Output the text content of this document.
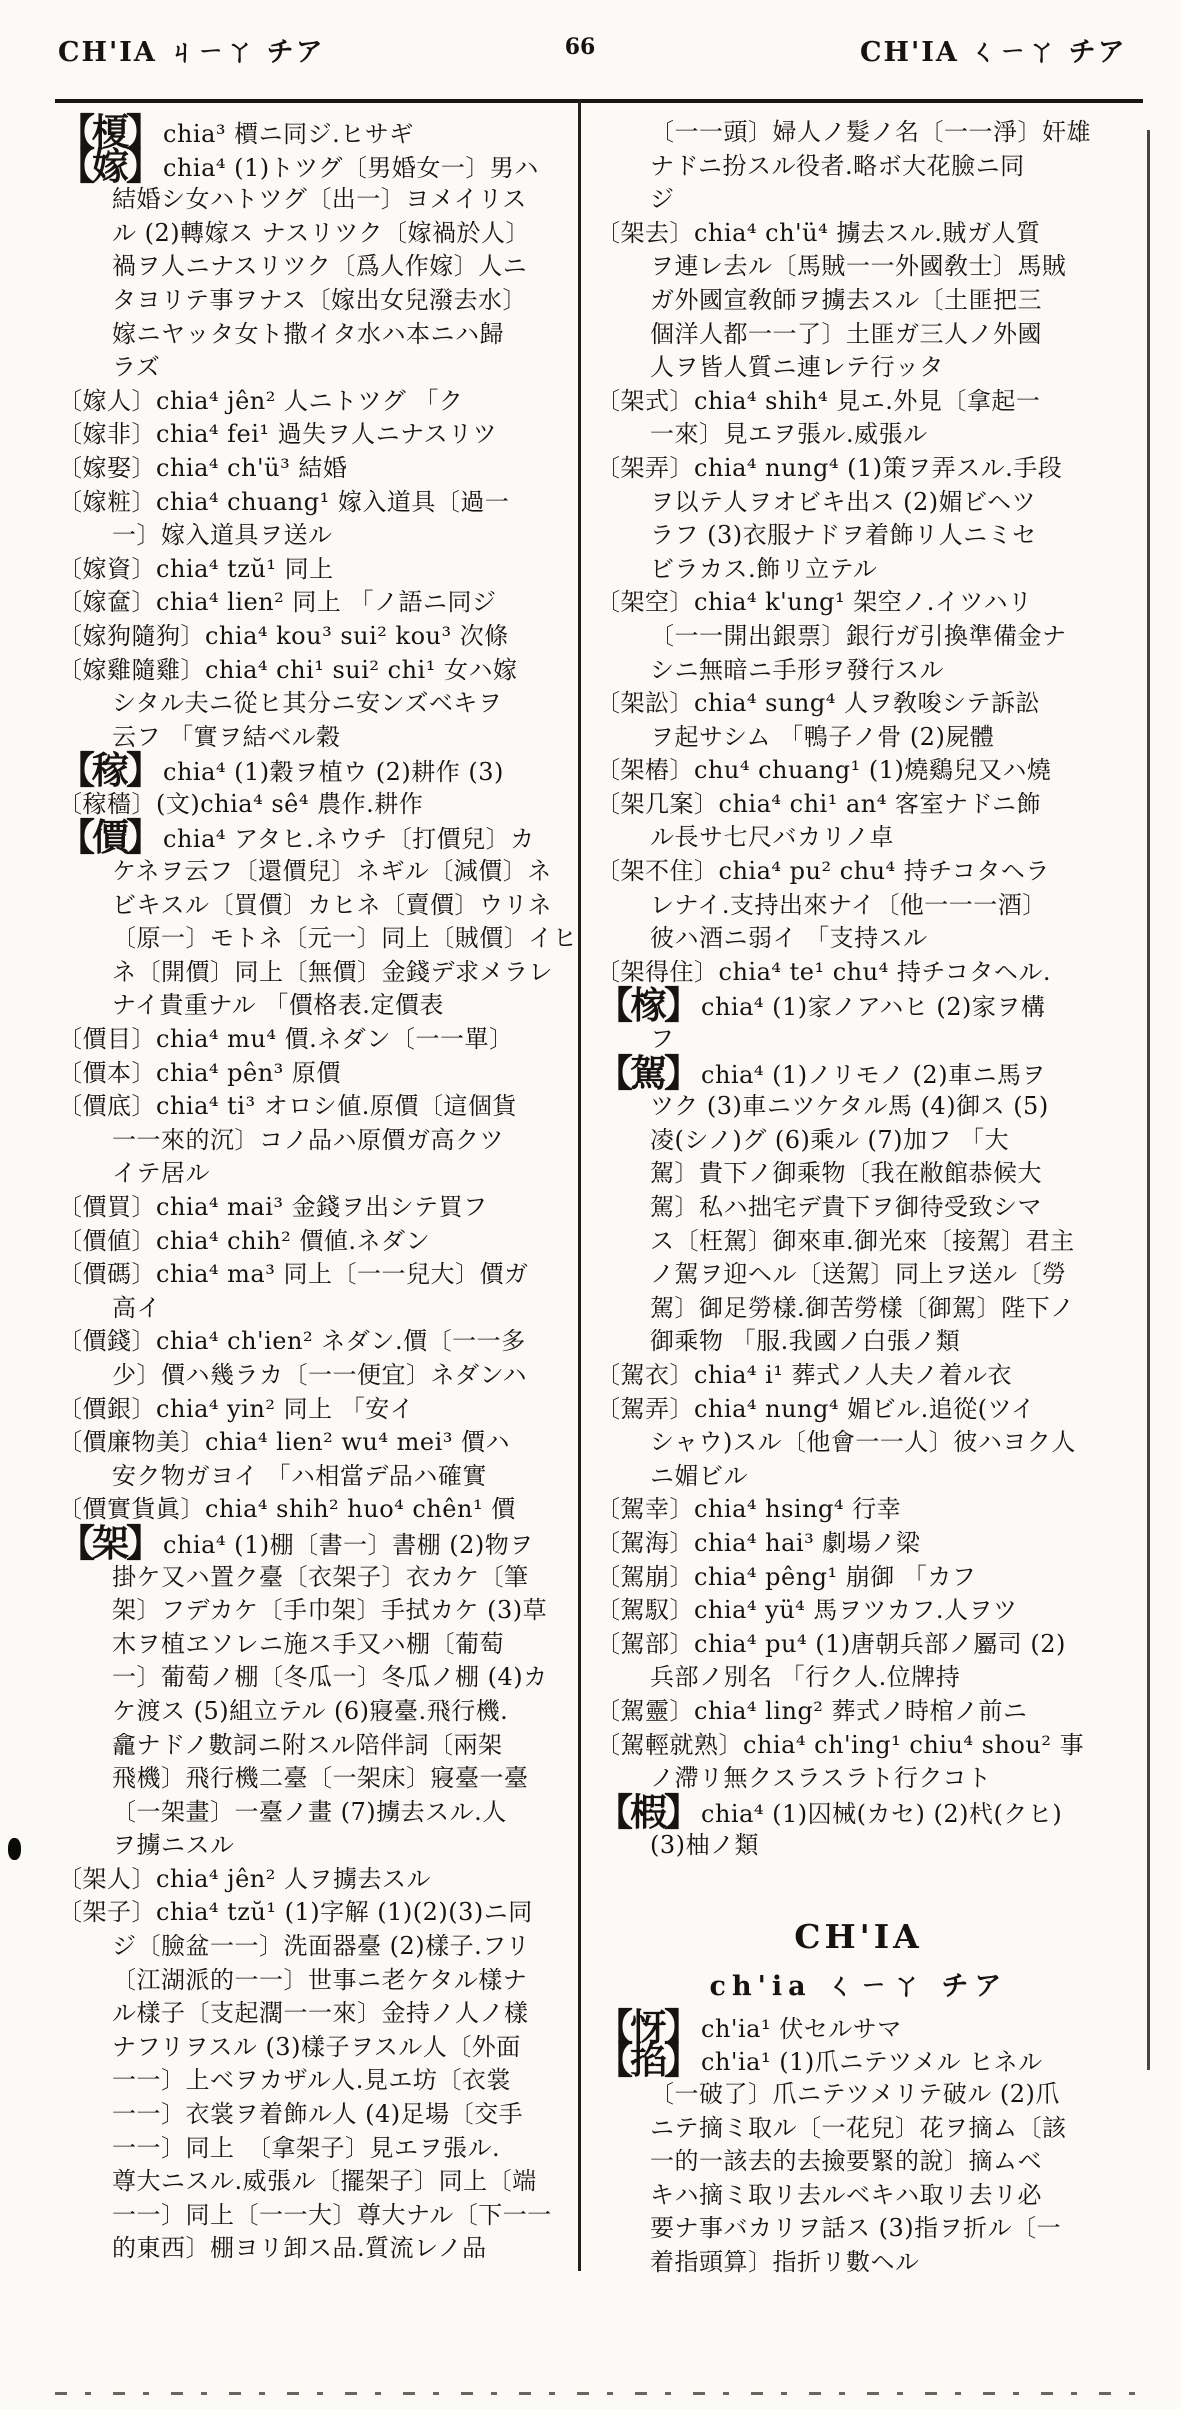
CH'IA ㄐㄧㄚ チア	66	CH'IA ㄑㄧㄚ チア
【榎】 chia³ 檟ニ同ジ.ヒサギ
【嫁】 chia⁴ (1)トツグ〔男婚女一〕男ハ
結婚シ女ハトツグ〔出一〕ヨメイリス
ル (2)轉嫁ス ナスリツク〔嫁禍於人〕
禍ヲ人ニナスリツク〔爲人作嫁〕人ニ
タヨリテ事ヲナス〔嫁出女兒潑去水〕
嫁ニヤッタ女ト撒イタ水ハ本ニハ歸
ラズ
〔嫁人〕chia⁴ jên² 人ニトツグ 「ク
〔嫁非〕chia⁴ fei¹ 過失ヲ人ニナスリツ
〔嫁娶〕chia⁴ ch'ü³ 結婚
〔嫁粧〕chia⁴ chuang¹ 嫁入道具〔過一
一〕嫁入道具ヲ送ル
〔嫁資〕chia⁴ tzŭ¹ 同上
〔嫁奩〕chia⁴ lien² 同上 「ノ語ニ同ジ
〔嫁狗隨狗〕chia⁴ kou³ sui² kou³ 次條
〔嫁雞隨雞〕chia⁴ chi¹ sui² chi¹ 女ハ嫁
シタル夫ニ從ヒ其分ニ安ンズベキヲ
云フ 「實ヲ結ベル穀
【稼】 chia⁴ (1)穀ヲ植ウ (2)耕作 (3)
〔稼穡〕(文)chia⁴ sê⁴ 農作.耕作
【價】 chia⁴ アタヒ.ネウチ〔打價兒〕カ
ケネヲ云フ〔還價兒〕ネギル〔減價〕ネ
ビキスル〔買價〕カヒネ〔賣價〕ウリネ
〔原一〕モトネ〔元一〕同上〔賊價〕イヒ
ネ〔開價〕同上〔無價〕金錢デ求メラレ
ナイ貴重ナル 「價格表.定價表
〔價目〕chia⁴ mu⁴ 價.ネダン〔一一單〕
〔價本〕chia⁴ pên³ 原價
〔價底〕chia⁴ ti³ オロシ値.原價〔這個貨
一一來的沉〕コノ品ハ原價ガ高クツ
イテ居ル
〔價買〕chia⁴ mai³ 金錢ヲ出シテ買フ
〔價値〕chia⁴ chih² 價値.ネダン
〔價碼〕chia⁴ ma³ 同上〔一一兒大〕價ガ
高イ
〔價錢〕chia⁴ ch'ien² ネダン.價〔一一多
少〕價ハ幾ラカ〔一一便宜〕ネダンハ
〔價銀〕chia⁴ yin² 同上 「安イ
〔價廉物美〕chia⁴ lien² wu⁴ mei³ 價ハ
安ク物ガヨイ 「ハ相當デ品ハ確實
〔價實貨眞〕chia⁴ shih² huo⁴ chên¹ 價
【架】 chia⁴ (1)棚〔書一〕書棚 (2)物ヲ
掛ケ又ハ置ク臺〔衣架子〕衣カケ〔筆
架〕フデカケ〔手巾架〕手拭カケ (3)草
木ヲ植ヱソレニ施ス手又ハ棚〔葡萄
一〕葡萄ノ棚〔冬瓜一〕冬瓜ノ棚 (4)カ
ケ渡ス (5)組立テル (6)寢臺.飛行機.
龕ナドノ數詞ニ附スル陪伴詞〔兩架
飛機〕飛行機二臺〔一架床〕寢臺一臺
〔一架畫〕一臺ノ畫 (7)擄去スル.人
ヲ擄ニスル
〔架人〕chia⁴ jên² 人ヲ擄去スル
〔架子〕chia⁴ tzŭ¹ (1)字解 (1)(2)(3)ニ同
ジ〔臉盆一一〕洗面器臺 (2)樣子.フリ
〔江湖派的一一〕世事ニ老ケタル樣ナ
ル樣子〔支起濶一一來〕金持ノ人ノ樣
ナフリヲスル (3)樣子ヲスル人〔外面
一一〕上ベヲカザル人.見エ坊〔衣裳
一一〕衣裳ヲ着飾ル人 (4)足場〔交手
一一〕同上　〔拿架子〕見エヲ張ル.
尊大ニスル.威張ル〔擺架子〕同上〔端
一一〕同上〔一一大〕尊大ナル〔下一一
的東西〕棚ヨリ卸ス品.質流レノ品
〔一一頭〕婦人ノ髮ノ名〔一一淨〕奸雄
ナドニ扮スル役者.略ボ大花臉ニ同
ジ
〔架去〕chia⁴ ch'ü⁴ 擄去スル.賊ガ人質
ヲ連レ去ル〔馬賊一一外國敎士〕馬賊
ガ外國宣敎師ヲ擄去スル〔土匪把三
個洋人都一一了〕土匪ガ三人ノ外國
人ヲ皆人質ニ連レテ行ッタ
〔架式〕chia⁴ shih⁴ 見エ.外見〔拿起一
一來〕見エヲ張ル.威張ル
〔架弄〕chia⁴ nung⁴ (1)策ヲ弄スル.手段
ヲ以テ人ヲオビキ出ス (2)媚ビヘツ
ラフ (3)衣服ナドヲ着飾リ人ニミセ
ビラカス.飾リ立テル
〔架空〕chia⁴ k'ung¹ 架空ノ.イツハリ
〔一一開出銀票〕銀行ガ引換準備金ナ
シニ無暗ニ手形ヲ發行スル
〔架訟〕chia⁴ sung⁴ 人ヲ敎唆シテ訴訟
ヲ起サシム 「鴨子ノ骨 (2)屍體
〔架樁〕chu⁴ chuang¹ (1)燒鷄兒又ハ燒
〔架几案〕chia⁴ chi¹ an⁴ 客室ナドニ飾
ル長サ七尺バカリノ卓
〔架不住〕chia⁴ pu² chu⁴ 持チコタヘラ
レナイ.支持出來ナイ〔他一一一酒〕
彼ハ酒ニ弱イ 「支持スル
〔架得住〕chia⁴ te¹ chu⁴ 持チコタヘル.
【榢】 chia⁴ (1)家ノアハヒ (2)家ヲ構
フ
【駕】 chia⁴ (1)ノリモノ (2)車ニ馬ヲ
ツク (3)車ニツケタル馬 (4)御ス (5)
凌(シノ)グ (6)乘ル (7)加フ 「大
駕〕貴下ノ御乘物〔我在敝館恭候大
駕〕私ハ拙宅デ貴下ヲ御待受致シマ
ス〔枉駕〕御來車.御光來〔接駕〕君主
ノ駕ヲ迎ヘル〔送駕〕同上ヲ送ル〔勞
駕〕御足勞樣.御苦勞樣〔御駕〕陛下ノ
御乘物 「服.我國ノ白張ノ類
〔駕衣〕chia⁴ i¹ 葬式ノ人夫ノ着ル衣
〔駕弄〕chia⁴ nung⁴ 媚ビル.追從(ツイ
シャウ)スル〔他會一一人〕彼ハヨク人
ニ媚ビル
〔駕幸〕chia⁴ hsing⁴ 行幸
〔駕海〕chia⁴ hai³ 劇場ノ梁
〔駕崩〕chia⁴ pêng¹ 崩御 「カフ
〔駕馭〕chia⁴ yü⁴ 馬ヲツカフ.人ヲツ
〔駕部〕chia⁴ pu⁴ (1)唐朝兵部ノ屬司 (2)
兵部ノ別名 「行ク人.位牌持
〔駕靈〕chia⁴ ling² 葬式ノ時棺ノ前ニ
〔駕輕就熟〕chia⁴ ch'ing¹ chiu⁴ shou² 事
ノ滯リ無クスラスラト行クコト
【椵】 chia⁴ (1)囚械(カセ) (2)杙(クヒ)
(3)柚ノ類
CH'IA
ch'ia ㄑㄧㄚ チア
【㤉】 ch'ia¹ 伏セルサマ
【掐】 ch'ia¹ (1)爪ニテツメル ヒネル
〔一破了〕爪ニテツメリテ破ル (2)爪
ニテ摘ミ取ル〔一花兒〕花ヲ摘ム〔該
一的一該去的去撿要緊的說〕摘ムベ
キハ摘ミ取リ去ルベキハ取リ去リ必
要ナ事バカリヲ話ス (3)指ヲ折ル〔一
着指頭算〕指折リ數ヘル
